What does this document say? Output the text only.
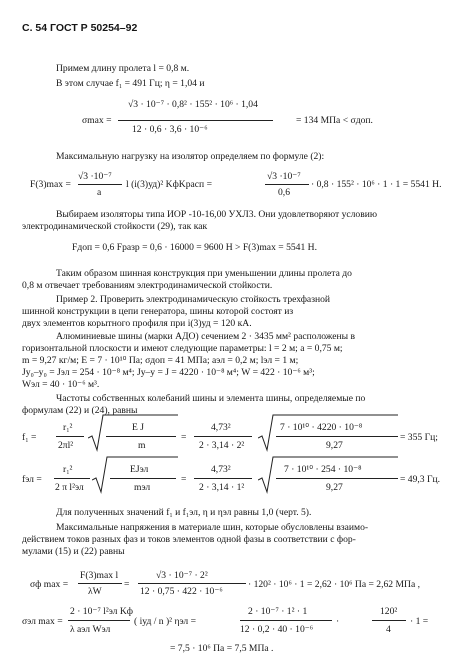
С. 54 ГОСТ Р 50254–92
Примем длину пролета l = 0,8 м.
В этом случае f₁ = 491 Гц; η = 1,04 и
√3 · 10⁻⁷ · 0,8² · 155² · 10⁶ · 1,04
σmax =
12 · 0,6 · 3,6 · 10⁻⁶
= 134 МПа < σдоп.
Максимальную нагрузку на изолятор определяем по формуле (2):
F(3)max =
√3 ·10⁻⁷
a
l (i(3)уд)² KфKрасп =
√3 ·10⁻⁷
0,6
· 0,8 · 155² · 10⁶ · 1 · 1 = 5541 Н.
Выбираем изоляторы типа ИОР -10-16,00 УХЛ3. Они удовлетворяют условию
электродинамической стойкости (29), так как
Fдоп = 0,6 Fразр = 0,6 · 16000 = 9600 Н > F(3)max = 5541 Н.
Таким образом шинная конструкция при уменьшении длины пролета до
0,8 м отвечает требованиям электродинамической стойкости.
Пример 2. Проверить электродинамическую стойкость трехфазной
шинной конструкции в цепи генератора, шины которой состоят из
двух элементов корытного профиля при i(3)уд = 120 кА.
Алюминиевые шины (марки АДО) сечением 2 · 3435 мм² расположены в
горизонтальной плоскости и имеют следующие параметры: l = 2 м; a = 0,75 м;
m = 9,27 кг/м; E = 7 · 10¹⁰ Па; σдоп = 41 МПа; aэл = 0,2 м; lэл = 1 м;
Jy₀–y₀ = Jэл = 254 · 10⁻⁸ м⁴; Jy–y = J = 4220 · 10⁻⁸ м⁴; W = 422 · 10⁻⁶ м³;
Wэл = 40 · 10⁻⁶ м³.
Частоты собственных колебаний шины и элемента шины, определяемые по
формулам (22) и (24), равны
f₁ =
r₁²
2πl²
E J
m
=
4,73²
2 · 3,14 · 2²
7 · 10¹⁰ · 4220 · 10⁻⁸
9,27
= 355 Гц;
fэл =
r₁²
2 π l²эл
EJэл
mэл
=
4,73²
2 · 3,14 · 1²
7 · 10¹⁰ · 254 · 10⁻⁸
9,27
= 49,3 Гц.
Для полученных значений f₁ и f₁эл, η и ηэл равны 1,0 (черт. 5).
Максимальные напряжения в материале шин, которые обусловлены взаимо-
действием токов разных фаз и токов элементов одной фазы в соответствии с фор-
мулами (15) и (22) равны
σф max =
F(3)max l
λW
=
√3 · 10⁻⁷ · 2²
12 · 0,75 · 422 · 10⁻⁶
· 120² · 10⁶ · 1 = 2,62 · 10⁶ Па = 2,62 МПа ,
σэл max =
2 · 10⁻⁷ l²эл Kф
λ aэл Wэл
( iуд / n )² ηэл =
2 · 10⁻⁷ · 1² · 1
12 · 0,2 · 40 · 10⁻⁶
·
120²
4
· 1 =
= 7,5 · 10⁶ Па = 7,5 МПа .
